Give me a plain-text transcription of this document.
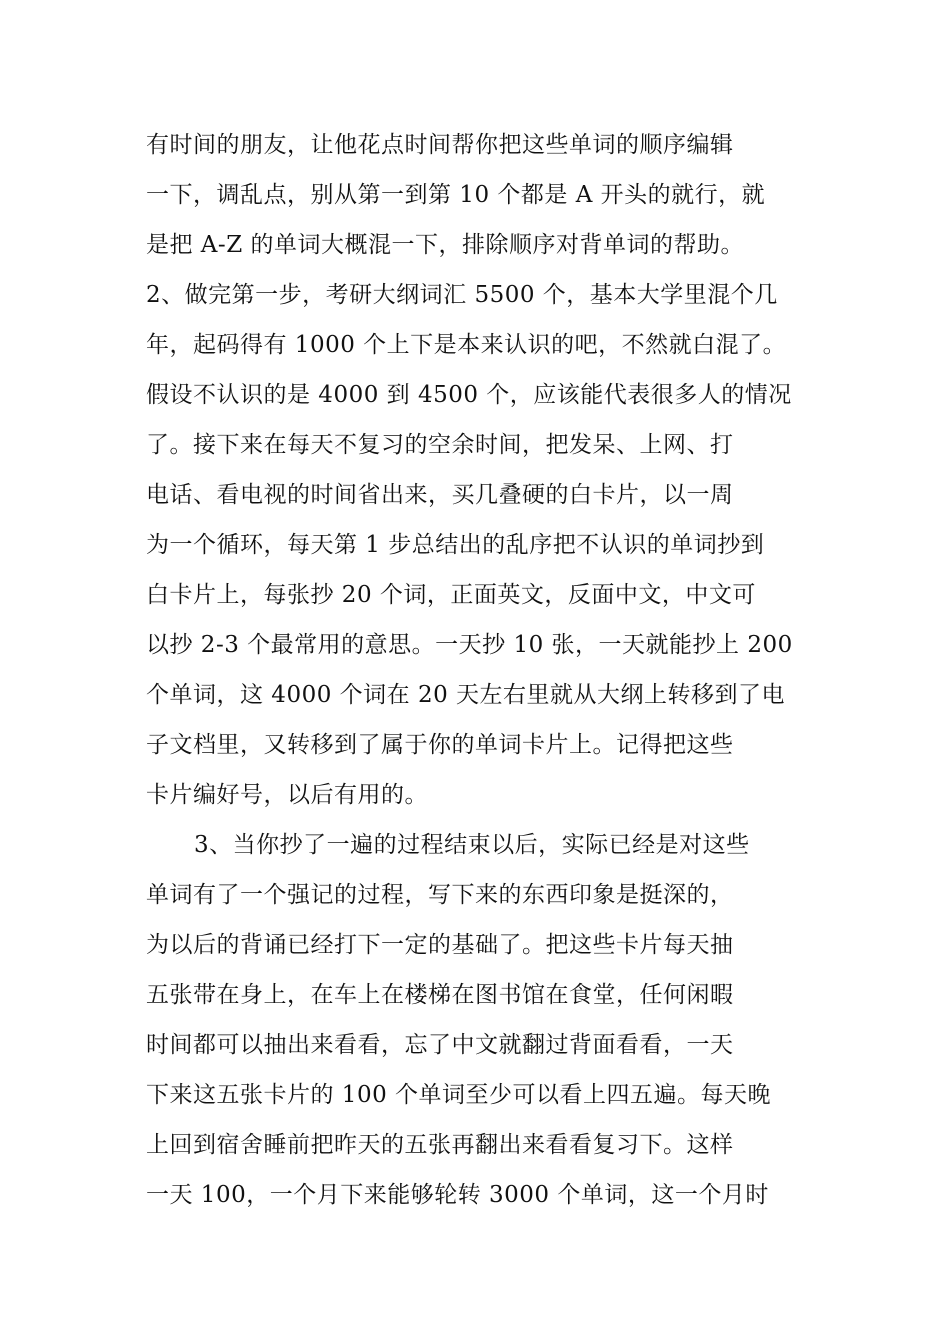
有时间的朋友，让他花点时间帮你把这些单词的顺序编辑
一下，调乱点，别从第一到第 10 个都是 A 开头的就行，就
是把 A-Z 的单词大概混一下，排除顺序对背单词的帮助。
2、做完第一步，考研大纲词汇 5500 个，基本大学里混个几
年，起码得有 1000 个上下是本来认识的吧，不然就白混了。
假设不认识的是 4000 到 4500 个，应该能代表很多人的情况
了。接下来在每天不复习的空余时间，把发呆、上网、打
电话、看电视的时间省出来，买几叠硬的白卡片，以一周
为一个循环，每天第 1 步总结出的乱序把不认识的单词抄到
白卡片上，每张抄 20 个词，正面英文，反面中文，中文可
以抄 2-3 个最常用的意思。一天抄 10 张，一天就能抄上 200
个单词，这 4000 个词在 20 天左右里就从大纲上转移到了电
子文档里，又转移到了属于你的单词卡片上。记得把这些
卡片编好号，以后有用的。
3、当你抄了一遍的过程结束以后，实际已经是对这些
单词有了一个强记的过程，写下来的东西印象是挺深的，
为以后的背诵已经打下一定的基础了。把这些卡片每天抽
五张带在身上，在车上在楼梯在图书馆在食堂，任何闲暇
时间都可以抽出来看看，忘了中文就翻过背面看看，一天
下来这五张卡片的 100 个单词至少可以看上四五遍。每天晚
上回到宿舍睡前把昨天的五张再翻出来看看复习下。这样
一天 100，一个月下来能够轮转 3000 个单词，这一个月时
